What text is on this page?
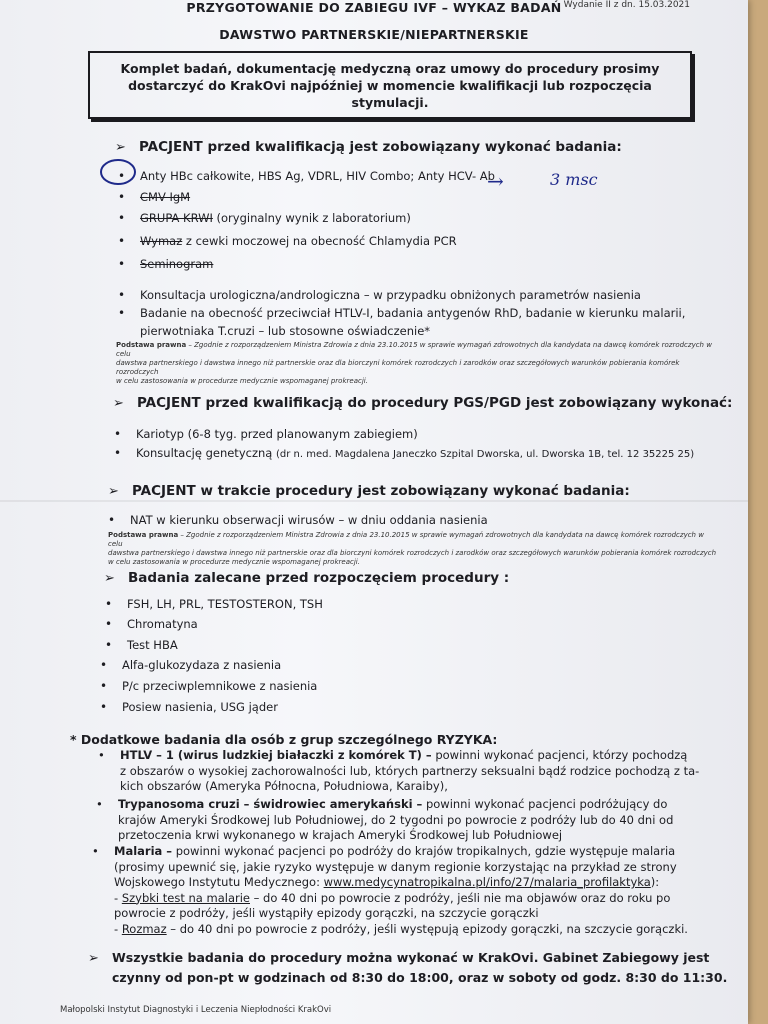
Wydanie II z dn. 15.03.2021
PRZYGOTOWANIE DO ZABIEGU IVF – WYKAZ BADAŃ
DAWSTWO PARTNERSKIE/NIEPARTNERSKIE
Komplet badań, dokumentację medyczną oraz umowy do procedury prosimy
dostarczyć do KrakOvi najpóźniej w momencie kwalifikacji lub rozpoczęcia stymulacji.
➢ PACJENT przed kwalifikacją jest zobowiązany wykonać badania:
• Anty HBc całkowite, HBS Ag, VDRL, HIV Combo; Anty HCV- Ab
→	3 msc
• CMV IgM
• GRUPA KRWI (oryginalny wynik z laboratorium)
• Wymaz z cewki moczowej na obecność Chlamydia PCR
• Seminogram
• Konsultacja urologiczna/andrologiczna – w przypadku obniżonych parametrów nasienia
• Badanie na obecność przeciwciał HTLV-I, badania antygenów RhD, badanie w kierunku malarii,
pierwotniaka T.cruzi – lub stosowne oświadczenie*
Podstawa prawna – Zgodnie z rozporządzeniem Ministra Zdrowia z dnia 23.10.2015 w sprawie wymagań zdrowotnych dla kandydata na dawcę komórek rozrodczych w celu
dawstwa partnerskiego i dawstwa innego niż partnerskie oraz dla biorczyni komórek rozrodczych i zarodków oraz szczegółowych warunków pobierania komórek rozrodczych
w celu zastosowania w procedurze medycznie wspomaganej prokreacji.
➢ PACJENT przed kwalifikacją do procedury PGS/PGD jest zobowiązany wykonać:
• Kariotyp (6-8 tyg. przed planowanym zabiegiem)
• Konsultację genetyczną (dr n. med. Magdalena Janeczko Szpital Dworska, ul. Dworska 1B, tel. 12 35225 25)
➢ PACJENT w trakcie procedury jest zobowiązany wykonać badania:
• NAT w kierunku obserwacji wirusów – w dniu oddania nasienia
Podstawa prawna – Zgodnie z rozporządzeniem Ministra Zdrowia z dnia 23.10.2015 w sprawie wymagań zdrowotnych dla kandydata na dawcę komórek rozrodczych w celu
dawstwa partnerskiego i dawstwa innego niż partnerskie oraz dla biorczyni komórek rozrodczych i zarodków oraz szczegółowych warunków pobierania komórek rozrodczych
w celu zastosowania w procedurze medycznie wspomaganej prokreacji.
➢ Badania zalecane przed rozpoczęciem procedury :
• FSH, LH, PRL, TESTOSTERON, TSH
• Chromatyna
• Test HBA
• Alfa-glukozydaza z nasienia
• P/c przeciwplemnikowe z nasienia
• Posiew nasienia, USG jąder
* Dodatkowe badania dla osób z grup szczególnego RYZYKA:
• HTLV – 1 (wirus ludzkiej białaczki z komórek T) – powinni wykonać pacjenci, którzy pochodzą
z obszarów o wysokiej zachorowalności lub, których partnerzy seksualni bądź rodzice pochodzą z ta-
kich obszarów (Ameryka Północna, Południowa, Karaiby),
• Trypanosoma cruzi – świdrowiec amerykański – powinni wykonać pacjenci podróżujący do
krajów Ameryki Środkowej lub Południowej, do 2 tygodni po powrocie z podróży lub do 40 dni od
przetoczenia krwi wykonanego w krajach Ameryki Środkowej lub Południowej
• Malaria – powinni wykonać pacjenci po podróży do krajów tropikalnych, gdzie występuje malaria
(prosimy upewnić się, jakie ryzyko występuje w danym regionie korzystając na przykład ze strony
Wojskowego Instytutu Medycznego: www.medycynatropikalna.pl/info/27/malaria_profilaktyka):
- Szybki test na malarie – do 40 dni po powrocie z podróży, jeśli nie ma objawów oraz do roku po
powrocie z podróży, jeśli wystąpiły epizody gorączki, na szczycie gorączki
- Rozmaz – do 40 dni po powrocie z podróży, jeśli występują epizody gorączki, na szczycie gorączki.
➢ Wszystkie badania do procedury można wykonać w KrakOvi. Gabinet Zabiegowy jest
czynny od pon-pt w godzinach od 8:30 do 18:00, oraz w soboty od godz. 8:30 do 11:30.
Małopolski Instytut Diagnostyki i Leczenia Niepłodności KrakOvi
